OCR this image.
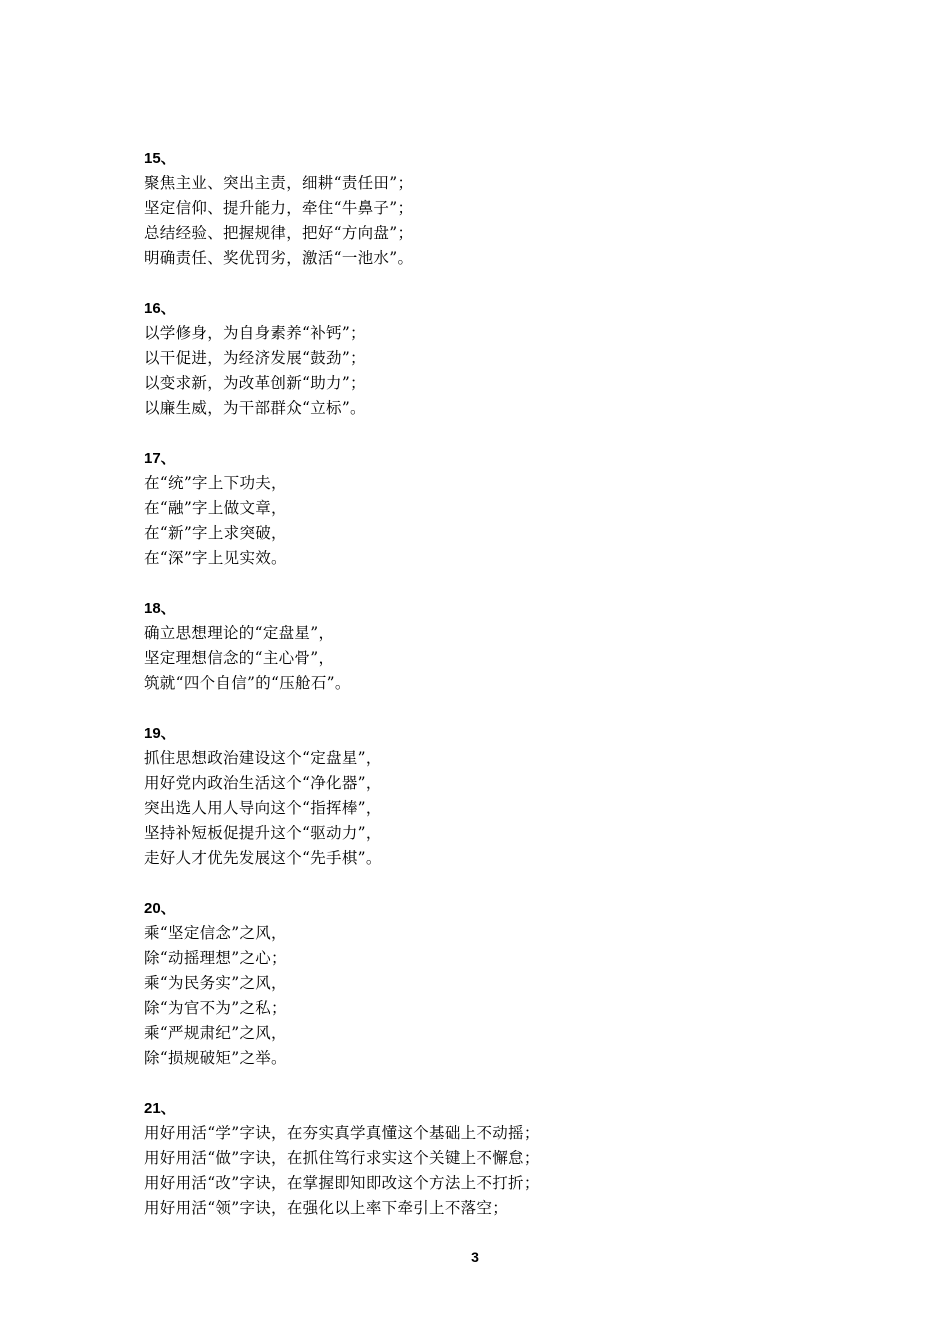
15、
聚焦主业、突出主责，细耕“责任田”；
坚定信仰、提升能力，牵住“牛鼻子”；
总结经验、把握规律，把好“方向盘”；
明确责任、奖优罚劣，激活“一池水”。
16、
以学修身，为自身素养“补钙”；
以干促进，为经济发展“鼓劲”；
以变求新，为改革创新“助力”；
以廉生威，为干部群众“立标”。
17、
在“统”字上下功夫，
在“融”字上做文章，
在“新”字上求突破，
在“深”字上见实效。
18、
确立思想理论的“定盘星”，
坚定理想信念的“主心骨”，
筑就“四个自信”的“压舱石”。
19、
抓住思想政治建设这个“定盘星”，
用好党内政治生活这个“净化器”，
突出选人用人导向这个“指挥棒”，
坚持补短板促提升这个“驱动力”，
走好人才优先发展这个“先手棋”。
20、
乘“坚定信念”之风，
除“动摇理想”之心；
乘“为民务实”之风，
除“为官不为”之私；
乘“严规肃纪”之风，
除“损规破矩”之举。
21、
用好用活“学”字诀，在夯实真学真懂这个基础上不动摇；
用好用活“做”字诀，在抓住笃行求实这个关键上不懈怠；
用好用活“改”字诀，在掌握即知即改这个方法上不打折；
用好用活“领”字诀，在强化以上率下牵引上不落空；
3
